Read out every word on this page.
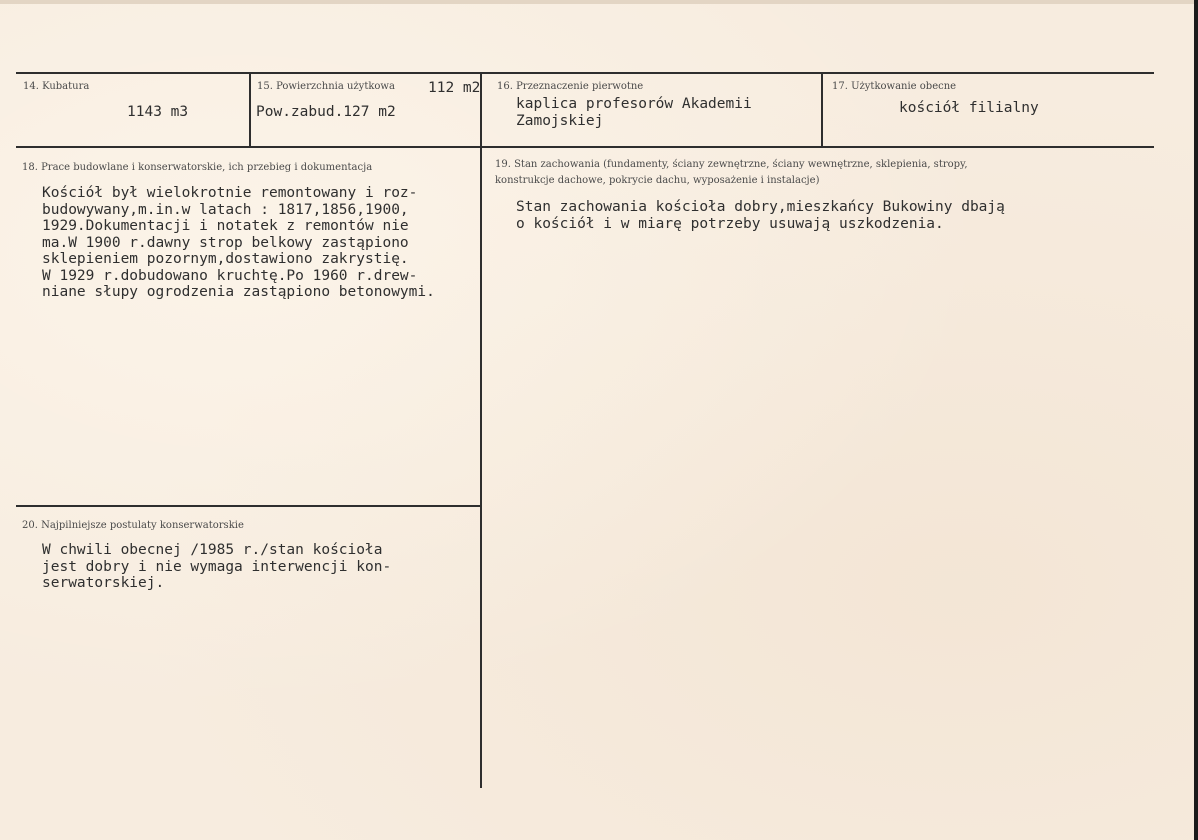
14. Kubatura
1143 m3
15. Powierzchnia użytkowa 112 m2
Pow.zabud.127 m2
16. Przeznaczenie pierwotne
kaplica profesorów Akademii
Zamojskiej
17. Użytkowanie obecne
kościół filialny
18. Prace budowlane i konserwatorskie, ich przebieg i dokumentacja
Kościół był wielokrotnie remontowany i roz-
budowywany,m.in.w latach : 1817,1856,1900,
1929.Dokumentacji i notatek z remontów nie
ma.W 1900 r.dawny strop belkowy zastąpiono
sklepieniem pozornym,dostawiono zakrystię.
W 1929 r.dobudowano kruchtę.Po 1960 r.drew-
niane słupy ogrodzenia zastąpiono betonowymi.
19. Stan zachowania (fundamenty, ściany zewnętrzne, ściany wewnętrzne, sklepienia, stropy,
konstrukcje dachowe, pokrycie dachu, wyposażenie i instalacje)
Stan zachowania kościoła dobry,mieszkańcy Bukowiny dbają
o kościół i w miarę potrzeby usuwają uszkodzenia.
20. Najpilniejsze postulaty konserwatorskie
W chwili obecnej /1985 r./stan kościoła
jest dobry i nie wymaga interwencji kon-
serwatorskiej.
